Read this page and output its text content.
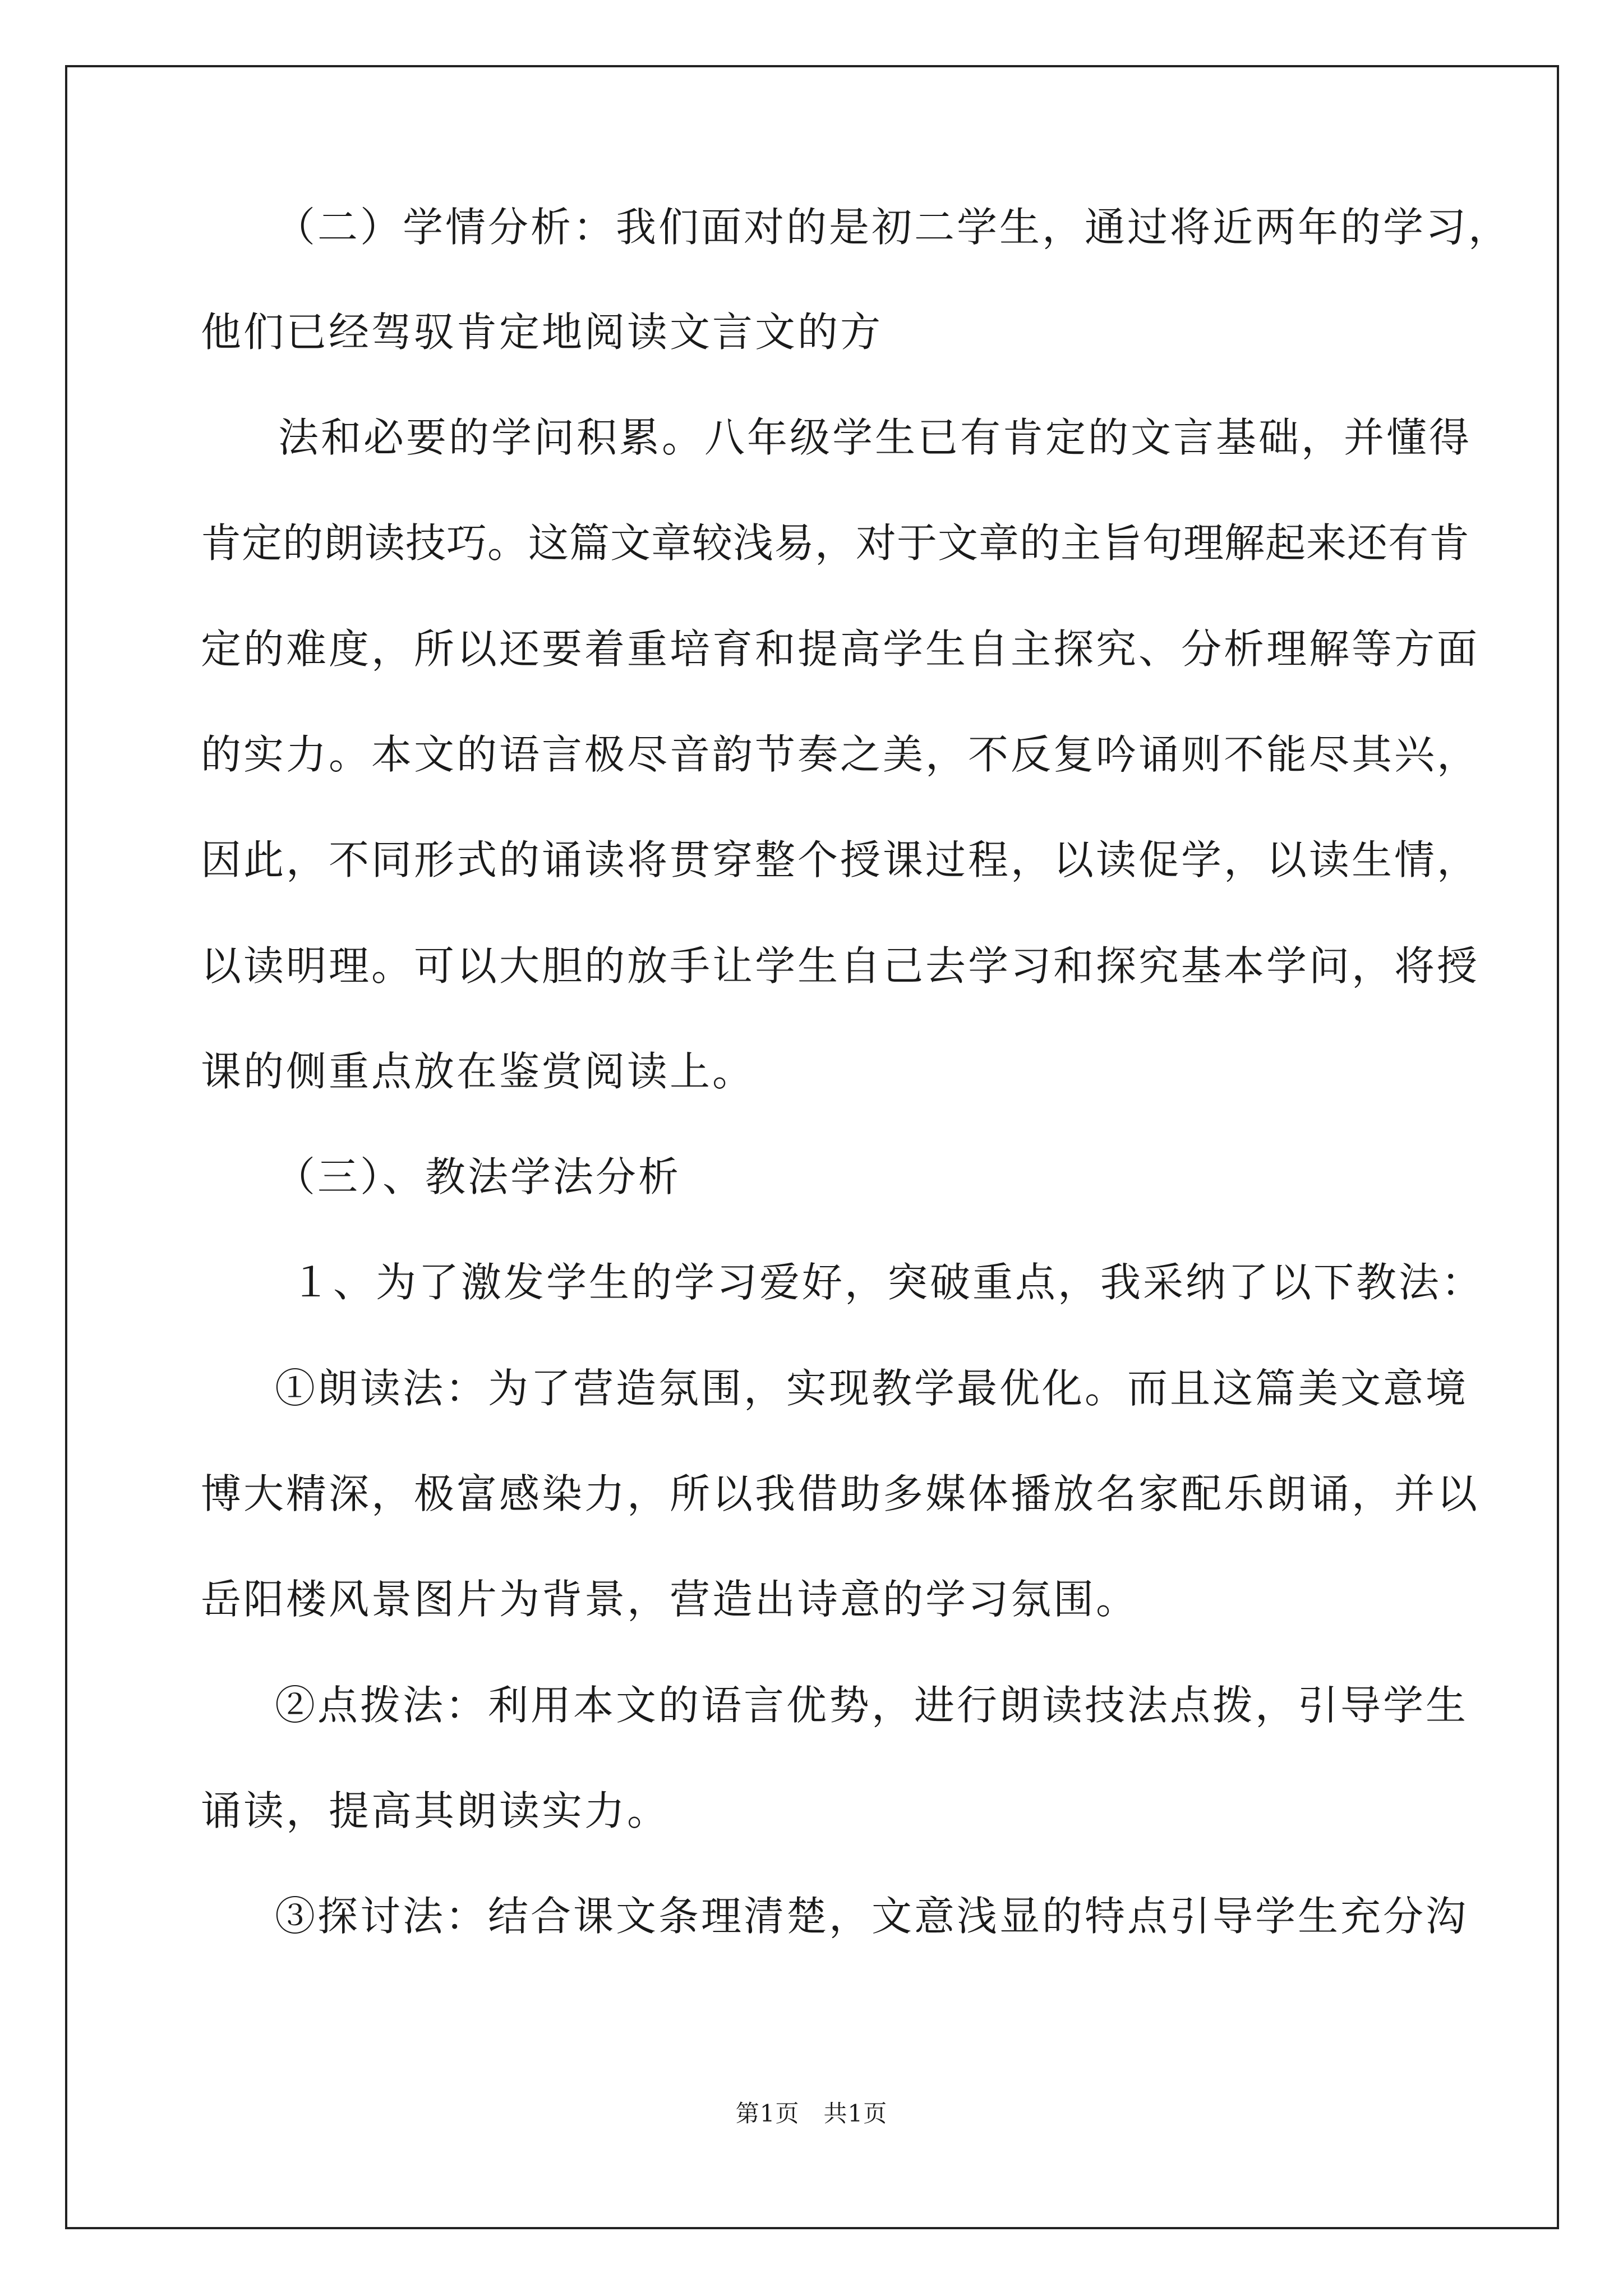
（二）学情分析：我们面对的是初二学生，通过将近两年的学习，
他们已经驾驭肯定地阅读文言文的方
法和必要的学问积累。八年级学生已有肯定的文言基础，并懂得
肯定的朗读技巧。这篇文章较浅易，对于文章的主旨句理解起来还有肯
定的难度，所以还要着重培育和提高学生自主探究、分析理解等方面
的实力。本文的语言极尽音韵节奏之美，不反复吟诵则不能尽其兴，
因此，不同形式的诵读将贯穿整个授课过程，以读促学，以读生情，
以读明理。可以大胆的放手让学生自己去学习和探究基本学问，将授
课的侧重点放在鉴赏阅读上。
（三）、教法学法分析
１、为了激发学生的学习爱好，突破重点，我采纳了以下教法：
①朗读法：为了营造氛围，实现教学最优化。而且这篇美文意境
博大精深，极富感染力，所以我借助多媒体播放名家配乐朗诵，并以
岳阳楼风景图片为背景，营造出诗意的学习氛围。
②点拨法：利用本文的语言优势，进行朗读技法点拨，引导学生
诵读，提高其朗读实力。
③探讨法：结合课文条理清楚，文意浅显的特点引导学生充分沟
第1页   共1页
